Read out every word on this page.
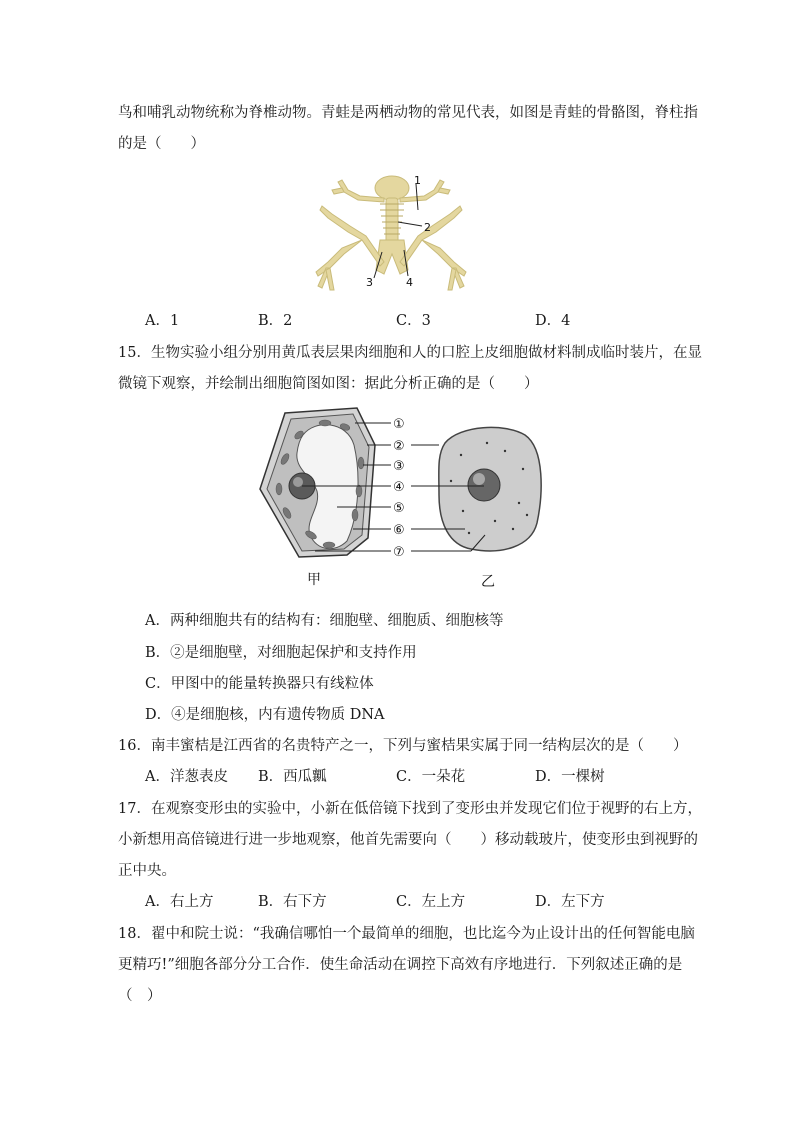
鸟和哺乳动物统称为脊椎动物。青蛙是两栖动物的常见代表，如图是青蛙的骨骼图，脊柱指
的是（　　）
1
2
3	4
A．1	B．2	C．3	D．4
15．生物实验小组分别用黄瓜表层果肉细胞和人的口腔上皮细胞做材料制成临时装片，在显
微镜下观察，并绘制出细胞简图如图：据此分析正确的是（　　）
甲	乙
①
②
③
④
⑤
⑥
⑦
A．两种细胞共有的结构有：细胞壁、细胞质、细胞核等
B．②是细胞壁，对细胞起保护和支持作用
C．甲图中的能量转换器只有线粒体
D．④是细胞核，内有遗传物质 DNA
16．南丰蜜桔是江西省的名贵特产之一，下列与蜜桔果实属于同一结构层次的是（　　）
A．洋葱表皮 B．西瓜瓤	C．一朵花	D．一棵树
17．在观察变形虫的实验中，小新在低倍镜下找到了变形虫并发现它们位于视野的右上方，
小新想用高倍镜进行进一步地观察，他首先需要向（　　）移动载玻片，使变形虫到视野的
正中央。
A．右上方	B．右下方	C．左上方	D．左下方
18．翟中和院士说：“我确信哪怕一个最简单的细胞，也比迄今为止设计出的任何智能电脑
更精巧!”细胞各部分分工合作．使生命活动在调控下高效有序地进行．下列叙述正确的是
（　）
